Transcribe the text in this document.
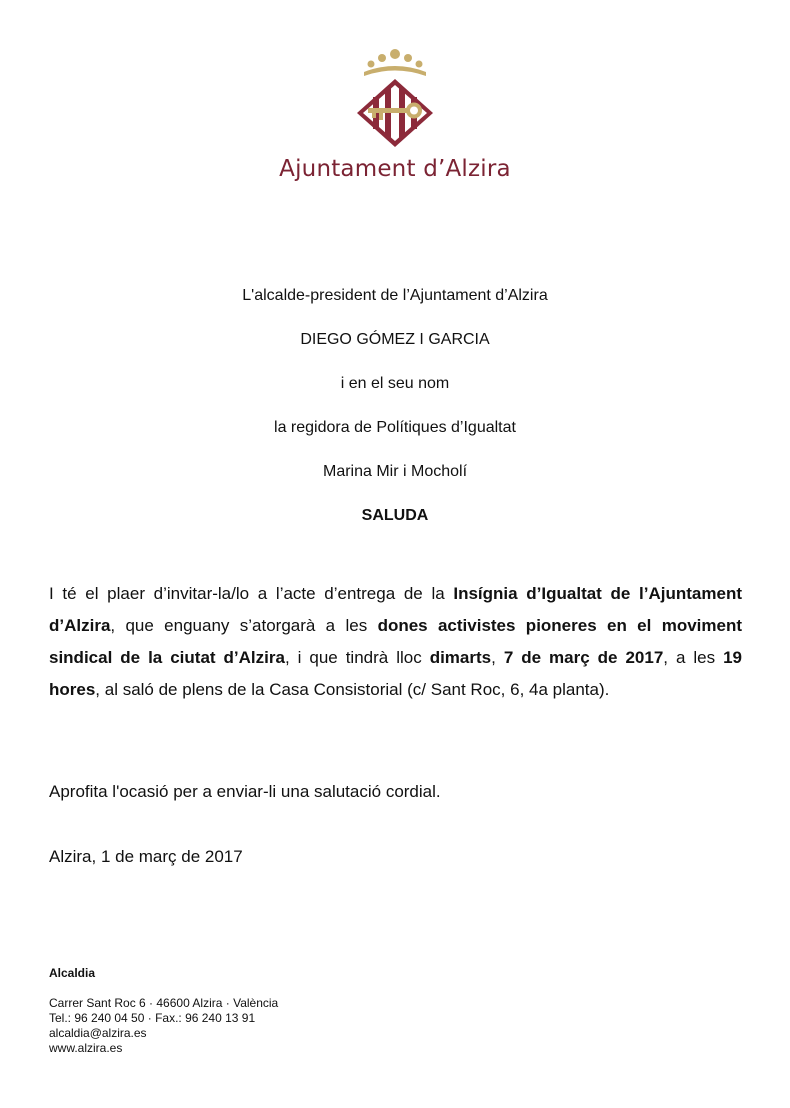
Ajuntament d’Alzira
L'alcalde-president de l’Ajuntament d’Alzira
DIEGO GÓMEZ I GARCIA
i en el seu nom
la regidora de Polítiques d’Igualtat
Marina Mir i Mocholí
SALUDA
I té el plaer d’invitar-la/lo a l’acte d’entrega de la Insígnia d’Igualtat de l’Ajuntament d’Alzira, que enguany s’atorgarà a les dones activistes pioneres en el moviment sindical de la ciutat d’Alzira, i que tindrà lloc dimarts, 7 de març de 2017, a les 19 hores, al saló de plens de la Casa Consistorial (c/ Sant Roc, 6, 4a planta).
Aprofita l'ocasió per a enviar-li una salutació cordial.
Alzira, 1 de març de 2017
Alcaldia
Carrer Sant Roc 6 · 46600 Alzira · València
Tel.: 96 240 04 50 · Fax.: 96 240 13 91
alcaldia@alzira.es
www.alzira.es
